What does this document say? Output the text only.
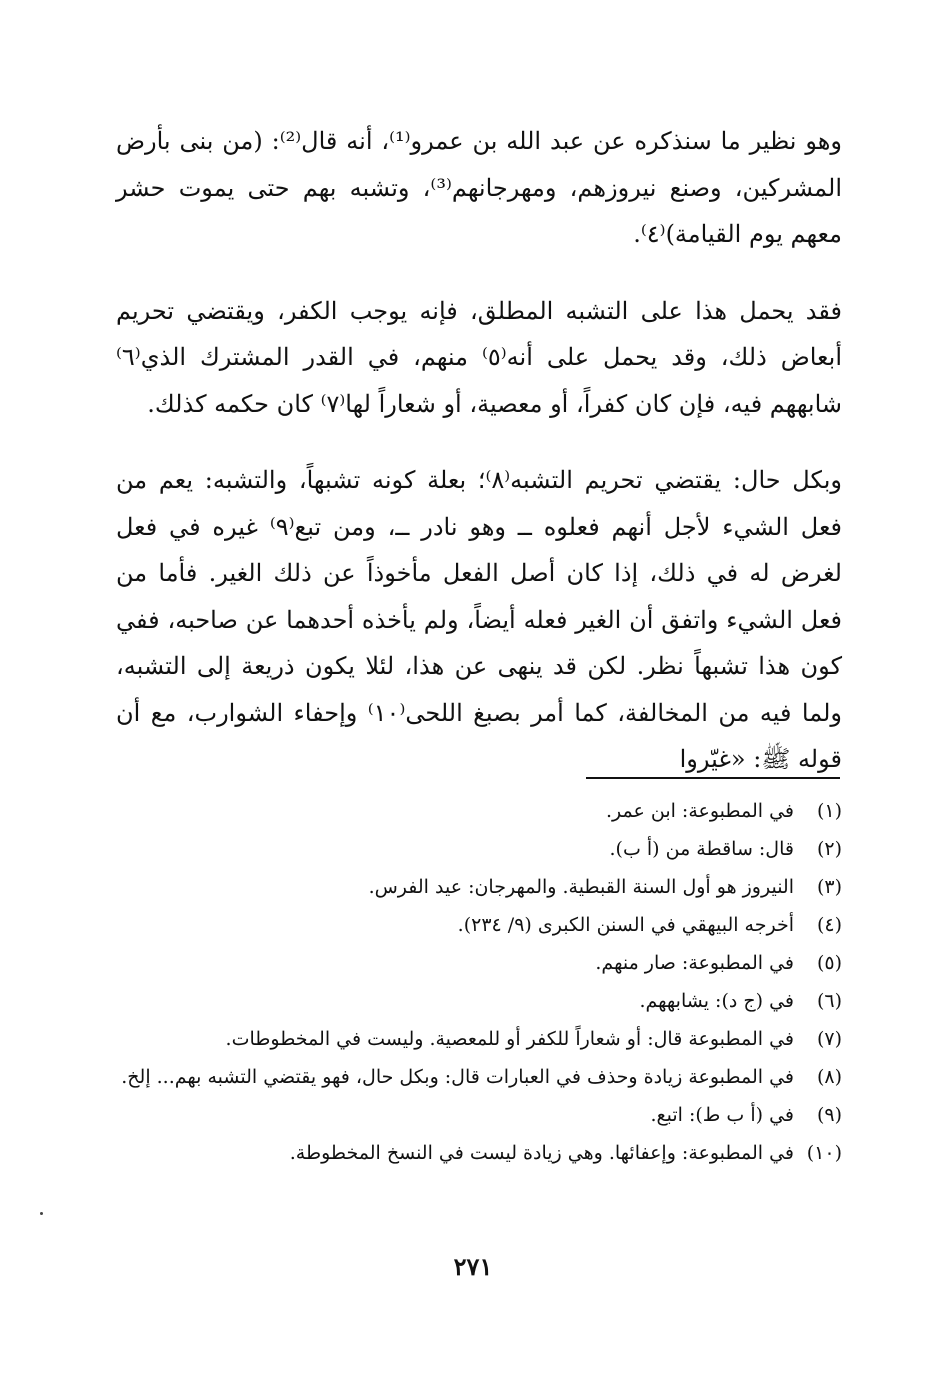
وهو نظير ما سنذكره عن عبد الله بن عمرو⁽¹⁾، أنه قال⁽²⁾: (من بنى بأرض المشركين، وصنع نيروزهم، ومهرجانهم⁽³⁾، وتشبه بهم حتى يموت حشر معهم يوم القيامة)⁽٤⁾.

فقد يحمل هذا على التشبه المطلق، فإنه يوجب الكفر، ويقتضي تحريم أبعاض ذلك، وقد يحمل على أنه⁽٥⁾ منهم، في القدر المشترك الذي⁽٦⁾ شابههم فيه، فإن كان كفراً، أو معصية، أو شعاراً لها⁽٧⁾ كان حكمه كذلك.

وبكل حال: يقتضي تحريم التشبه⁽٨⁾؛ بعلة كونه تشبهاً، والتشبه: يعم من فعل الشيء لأجل أنهم فعلوه ــ وهو نادر ــ، ومن تبع⁽٩⁾ غيره في فعل لغرض له في ذلك، إذا كان أصل الفعل مأخوذاً عن ذلك الغير. فأما من فعل الشيء واتفق أن الغير فعله أيضاً، ولم يأخذه أحدهما عن صاحبه، ففي كون هذا تشبهاً نظر. لكن قد ينهى عن هذا، لئلا يكون ذريعة إلى التشبه، ولما فيه من المخالفة، كما أمر بصبغ اللحى⁽١٠⁾ وإحفاء الشوارب، مع أن قوله ﷺ: «غيّروا

(١)
في المطبوعة: ابن عمر.
(٢)
قال: ساقطة من (أ ب).
(٣)
النيروز هو أول السنة القبطية. والمهرجان: عيد الفرس.
(٤)
أخرجه البيهقي في السنن الكبرى (٩/ ٢٣٤).
(٥)
في المطبوعة: صار منهم.
(٦)
في (ج د): يشابههم.
(٧)
في المطبوعة قال: أو شعاراً للكفر أو للمعصية. وليست في المخطوطات.
(٨)
في المطبوعة زيادة وحذف في العبارات قال: وبكل حال، فهو يقتضي التشبه بهم... إلخ.
(٩)
في (أ ب ط): اتبع.
(١٠)
في المطبوعة: وإعفائها. وهي زيادة ليست في النسخ المخطوطة.
٢٧١
